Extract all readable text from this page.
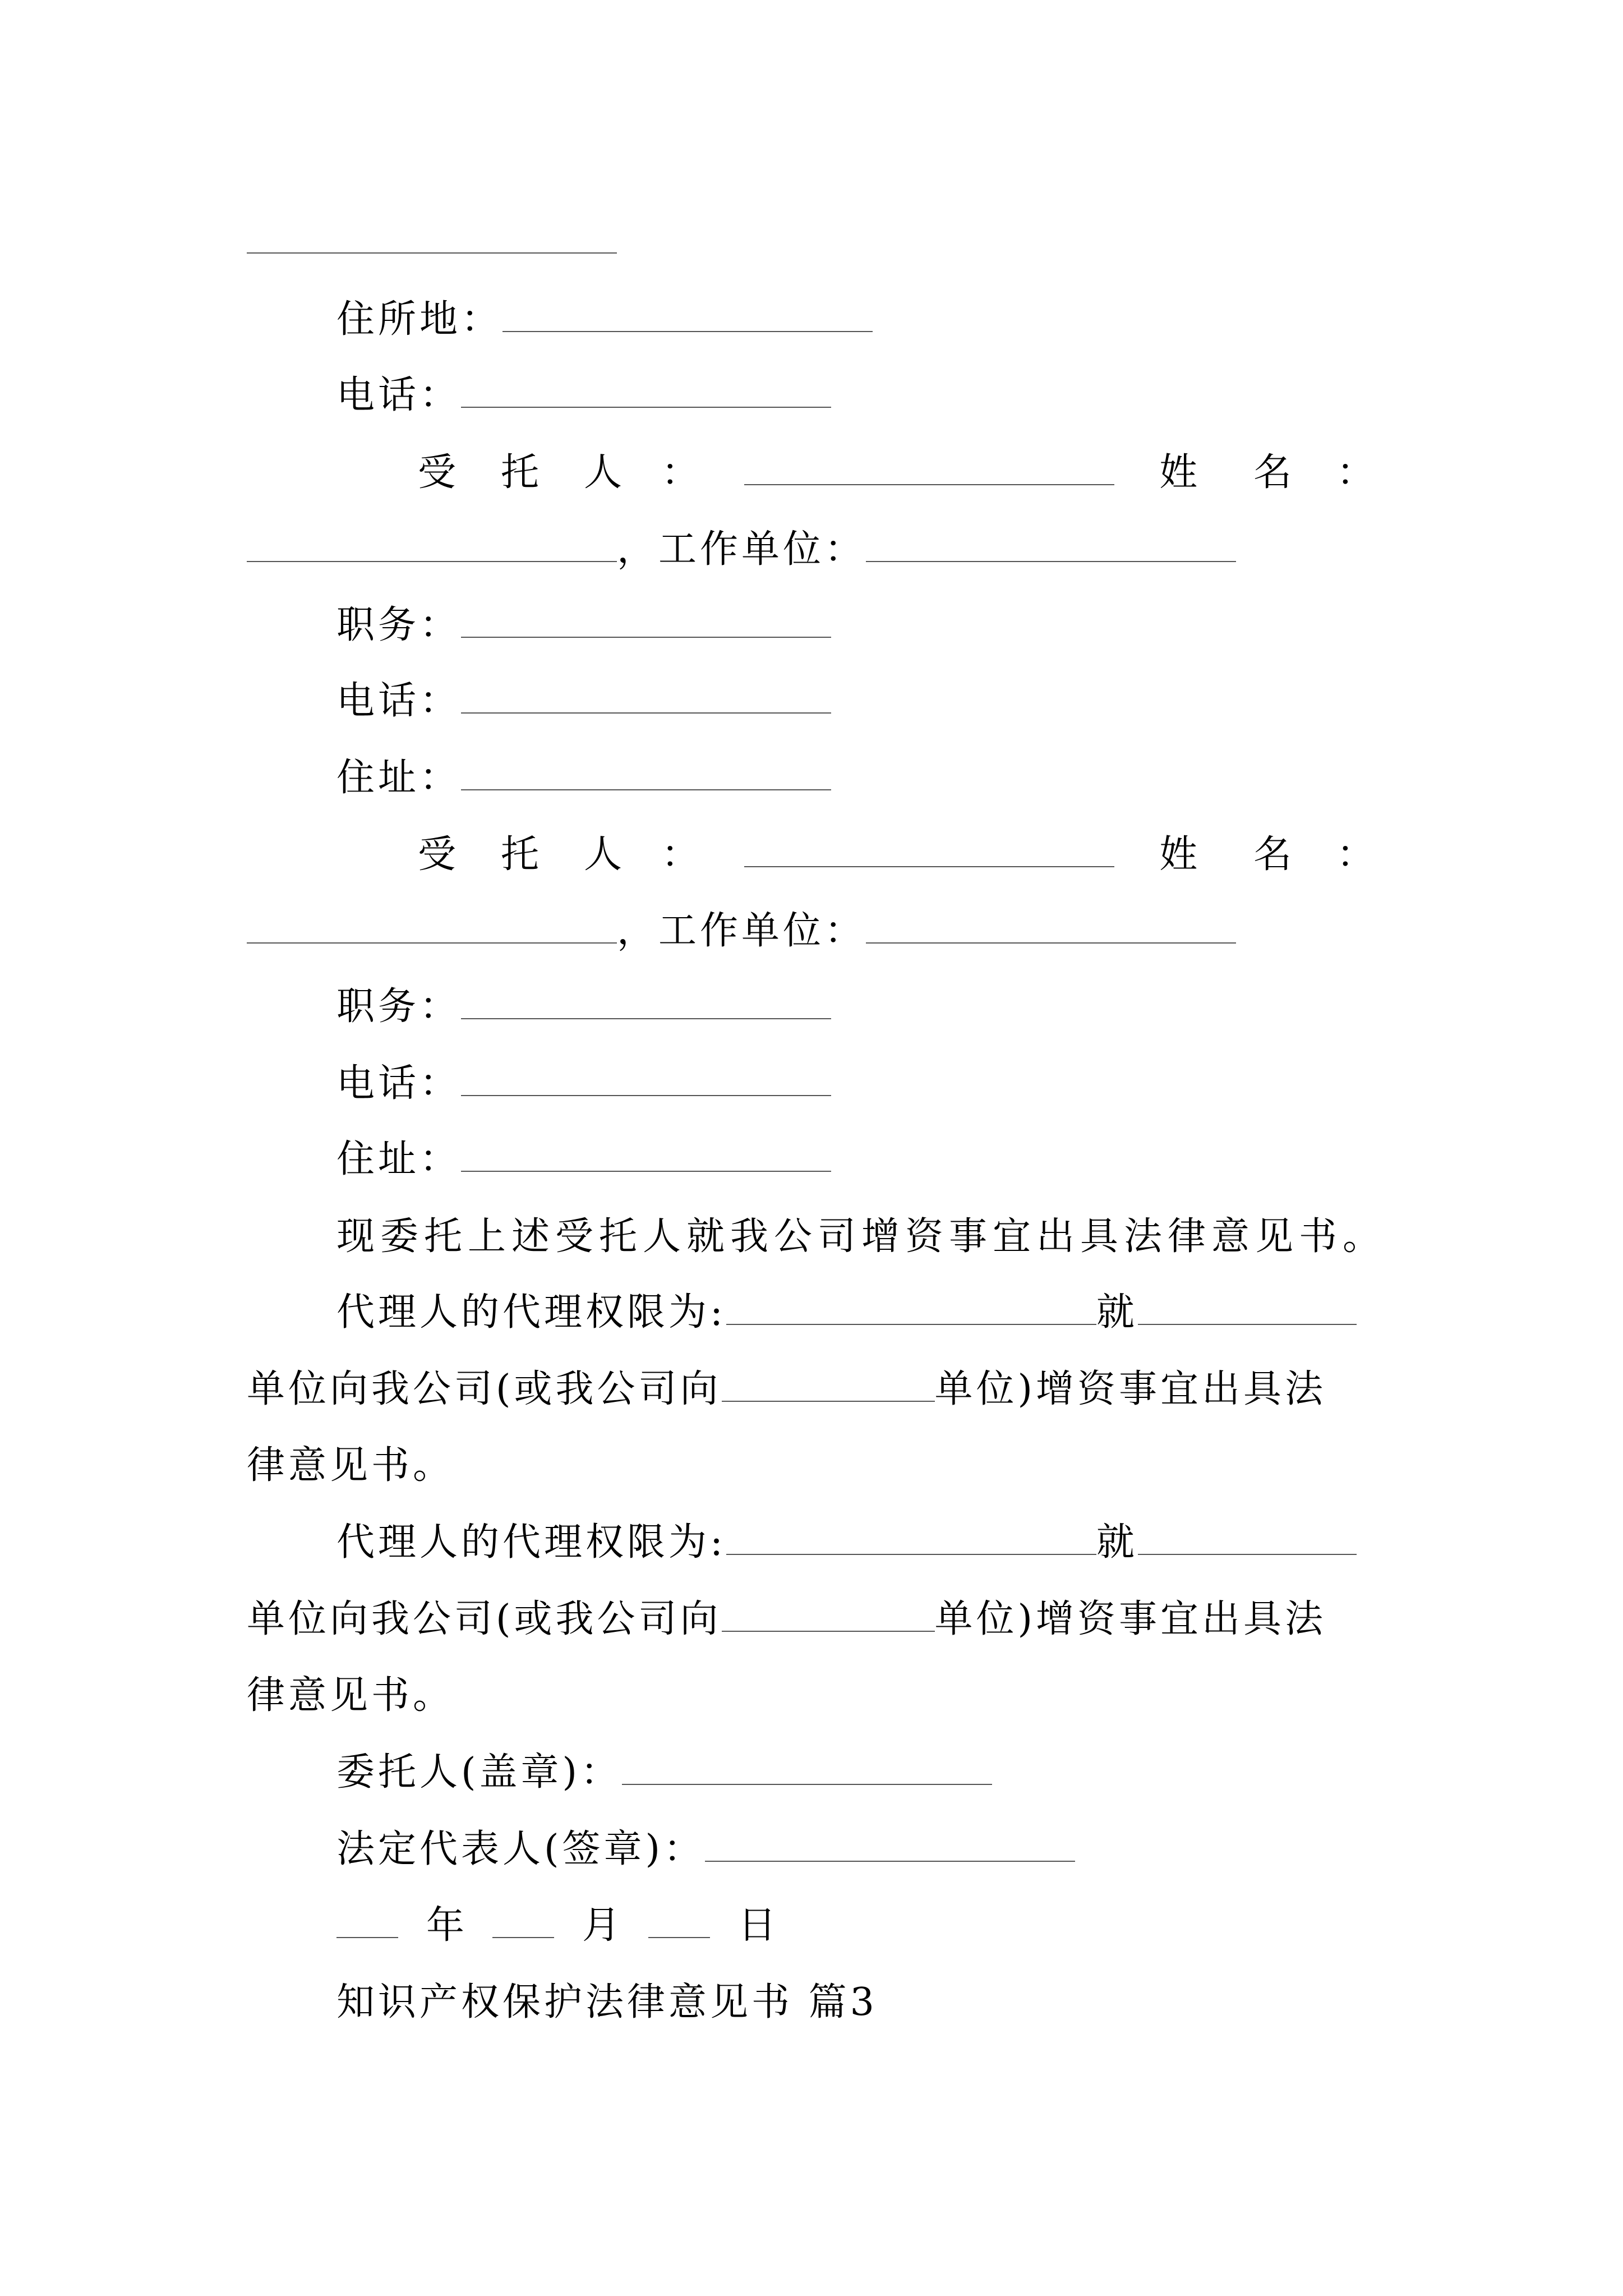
住所地：
电话：
受 托 人 ：	姓 名 ：
，工作单位：
职务：
电话：
住址：
受 托 人 ：	姓 名 ：
，工作单位：
职务：
电话：
住址：
现委托上述受托人就我公司增资事宜出具法律意见书。
代理人的代理权限为:	就
单位向我公司(或我公司向	单位)增资事宜出具法
律意见书。
代理人的代理权限为:	就
单位向我公司(或我公司向	单位)增资事宜出具法
律意见书。
委托人(盖章)：
法定代表人(签章)：
年	月	日
知识产权保护法律意见书 篇3
